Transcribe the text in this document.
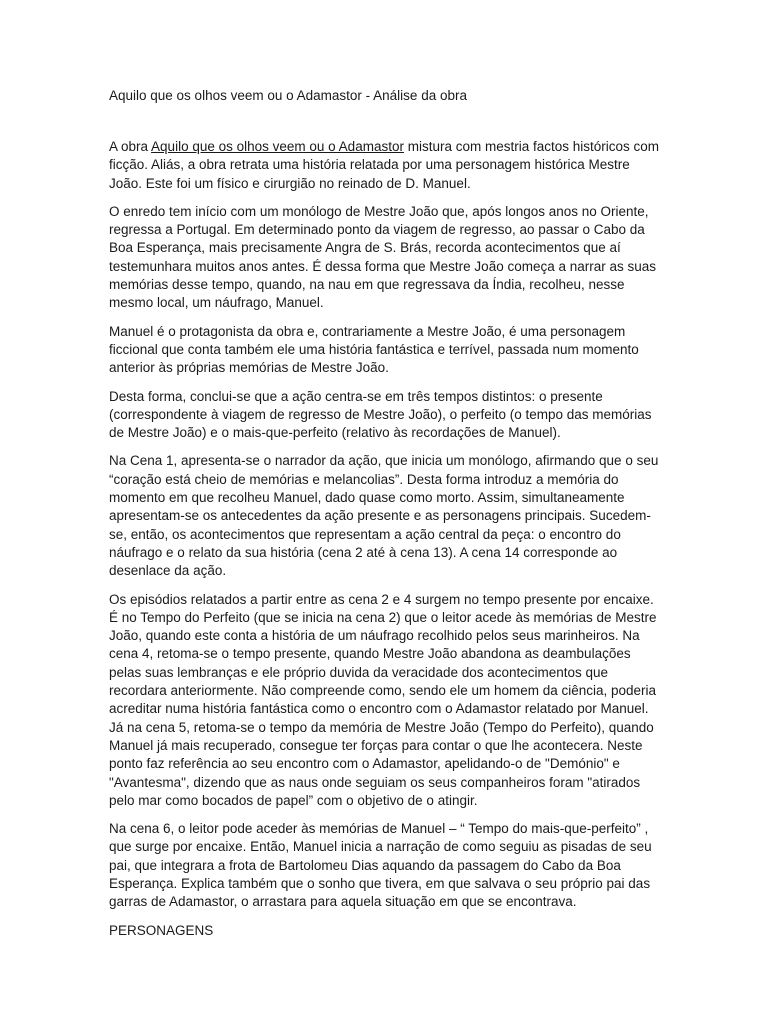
Aquilo que os olhos veem ou o Adamastor - Análise da obra

A obra Aquilo que os olhos veem ou o Adamastor mistura com mestria factos históricos com ficção. Aliás, a obra retrata uma história relatada por uma personagem histórica Mestre João. Este foi um físico e cirurgião no reinado de D. Manuel.

O enredo tem início com um monólogo de Mestre João que, após longos anos no Oriente, regressa a Portugal. Em determinado ponto da viagem de regresso, ao passar o Cabo da Boa Esperança, mais precisamente Angra de S. Brás, recorda acontecimentos que aí testemunhara muitos anos antes. É dessa forma que Mestre João começa a narrar as suas memórias desse tempo, quando, na nau em que regressava da Índia, recolheu, nesse mesmo local, um náufrago, Manuel.

Manuel é o protagonista da obra e, contrariamente a Mestre João, é uma personagem ficcional que conta também ele uma história fantástica e terrível, passada num momento anterior às próprias memórias de Mestre João.

Desta forma, conclui-se que a ação centra-se em três tempos distintos: o presente (correspondente à viagem de regresso de Mestre João), o perfeito (o tempo das memórias de Mestre João) e o mais-que-perfeito (relativo às recordações de Manuel).

Na Cena 1, apresenta-se o narrador da ação, que inicia um monólogo, afirmando que o seu “coração está cheio de memórias e melancolias”. Desta forma introduz a memória do momento em que recolheu Manuel, dado quase como morto. Assim, simultaneamente apresentam-se os antecedentes da ação presente e as personagens principais. Sucedem-se, então, os acontecimentos que representam a ação central da peça: o encontro do náufrago e o relato da sua história (cena 2 até à cena 13). A cena 14 corresponde ao desenlace da ação.

Os episódios relatados a partir entre as cena 2 e 4 surgem no tempo presente por encaixe. É no Tempo do Perfeito (que se inicia na cena 2) que o leitor acede às memórias de Mestre João, quando este conta a história de um náufrago recolhido pelos seus marinheiros. Na cena 4, retoma-se o tempo presente, quando Mestre João abandona as deambulações pelas suas lembranças e ele próprio duvida da veracidade dos acontecimentos que recordara anteriormente. Não compreende como, sendo ele um homem da ciência, poderia acreditar numa história fantástica como o encontro com o Adamastor relatado por Manuel. Já na cena 5, retoma-se o tempo da memória de Mestre João (Tempo do Perfeito), quando Manuel já mais recuperado, consegue ter forças para contar o que lhe acontecera. Neste ponto faz referência ao seu encontro com o Adamastor, apelidando-o de "Demónio" e "Avantesma", dizendo que as naus onde seguiam os seus companheiros foram "atirados pelo mar como bocados de papel” com o objetivo de o atingir.

Na cena 6, o leitor pode aceder às memórias de Manuel – “ Tempo do mais-que-perfeito” , que surge por encaixe. Então, Manuel inicia a narração de como seguiu as pisadas de seu pai, que integrara a frota de Bartolomeu Dias aquando da passagem do Cabo da Boa Esperança. Explica também que o sonho que tivera, em que salvava o seu próprio pai das garras de Adamastor, o arrastara para aquela situação em que se encontrava.

PERSONAGENS
